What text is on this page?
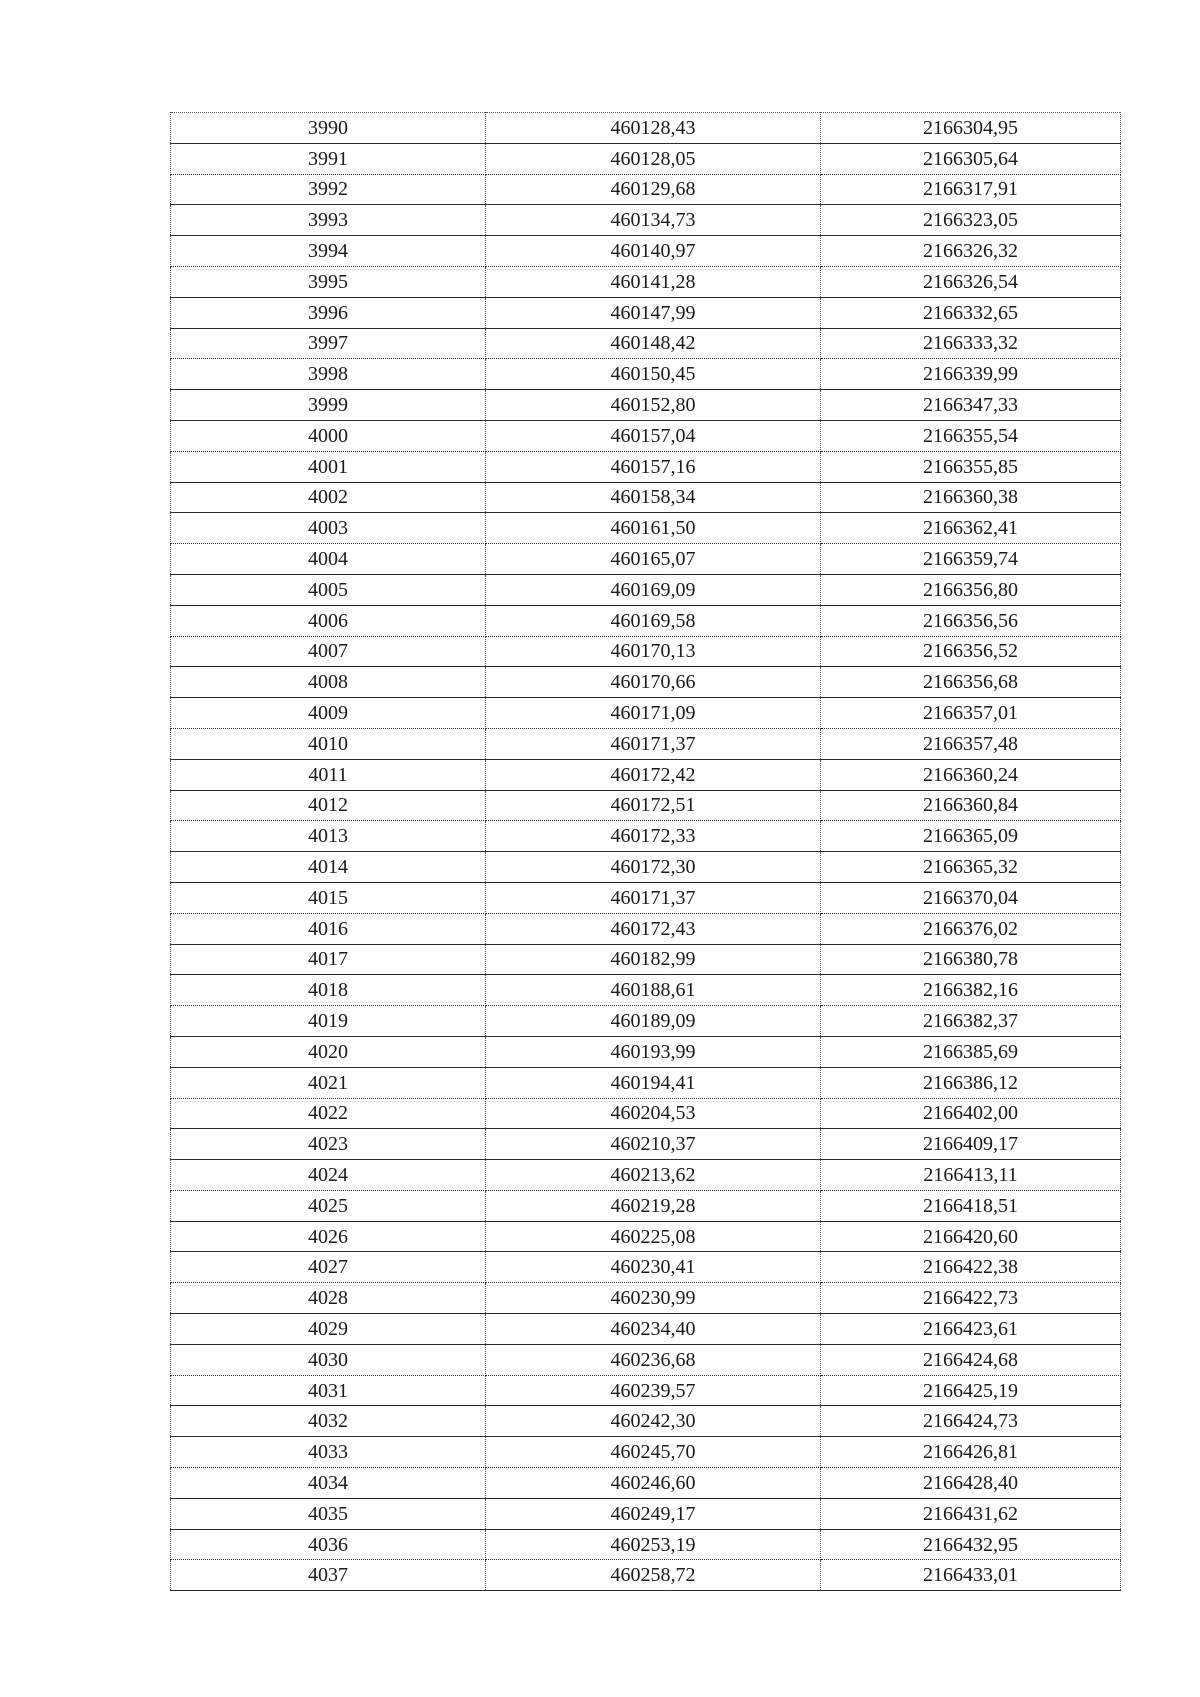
3990	460128,43	2166304,95
3991	460128,05	2166305,64
3992	460129,68	2166317,91
3993	460134,73	2166323,05
3994	460140,97	2166326,32
3995	460141,28	2166326,54
3996	460147,99	2166332,65
3997	460148,42	2166333,32
3998	460150,45	2166339,99
3999	460152,80	2166347,33
4000	460157,04	2166355,54
4001	460157,16	2166355,85
4002	460158,34	2166360,38
4003	460161,50	2166362,41
4004	460165,07	2166359,74
4005	460169,09	2166356,80
4006	460169,58	2166356,56
4007	460170,13	2166356,52
4008	460170,66	2166356,68
4009	460171,09	2166357,01
4010	460171,37	2166357,48
4011	460172,42	2166360,24
4012	460172,51	2166360,84
4013	460172,33	2166365,09
4014	460172,30	2166365,32
4015	460171,37	2166370,04
4016	460172,43	2166376,02
4017	460182,99	2166380,78
4018	460188,61	2166382,16
4019	460189,09	2166382,37
4020	460193,99	2166385,69
4021	460194,41	2166386,12
4022	460204,53	2166402,00
4023	460210,37	2166409,17
4024	460213,62	2166413,11
4025	460219,28	2166418,51
4026	460225,08	2166420,60
4027	460230,41	2166422,38
4028	460230,99	2166422,73
4029	460234,40	2166423,61
4030	460236,68	2166424,68
4031	460239,57	2166425,19
4032	460242,30	2166424,73
4033	460245,70	2166426,81
4034	460246,60	2166428,40
4035	460249,17	2166431,62
4036	460253,19	2166432,95
4037	460258,72	2166433,01
